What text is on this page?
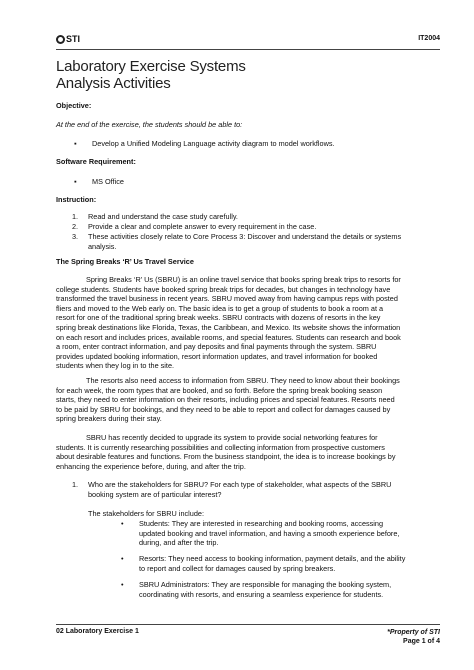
STI	IT2004
Laboratory Exercise Systems
Analysis Activities
Objective:
At the end of the exercise, the students should be able to:
▪	Develop a Unified Modeling Language activity diagram to model workflows.
Software Requirement:
▪	MS Office
Instruction:
1.	Read and understand the case study carefully.
2.	Provide a clear and complete answer to every requirement in the case.
3.	These activities closely relate to Core Process 3: Discover and understand the details or systems
analysis.
The Spring Breaks ‘R’ Us Travel Service
Spring Breaks ‘R’ Us (SBRU) is an online travel service that books spring break trips to resorts for
college students. Students have booked spring break trips for decades, but changes in technology have
transformed the travel business in recent years. SBRU moved away from having campus reps with posted
fliers and moved to the Web early on. The basic idea is to get a group of students to book a room at a
resort for one of the traditional spring break weeks. SBRU contracts with dozens of resorts in the key
spring break destinations like Florida, Texas, the Caribbean, and Mexico. Its website shows the information
on each resort and includes prices, available rooms, and special features. Students can research and book
a room, enter contract information, and pay deposits and final payments through the system. SBRU
provides updated booking information, resort information updates, and travel information for booked
students when they log in to the site.
The resorts also need access to information from SBRU. They need to know about their bookings
for each week, the room types that are booked, and so forth. Before the spring break booking season
starts, they need to enter information on their resorts, including prices and special features. Resorts need
to be paid by SBRU for bookings, and they need to be able to report and collect for damages caused by
spring breakers during their stay.
SBRU has recently decided to upgrade its system to provide social networking features for
students. It is currently researching possibilities and collecting information from prospective customers
about desirable features and functions. From the business standpoint, the idea is to increase bookings by
enhancing the experience before, during, and after the trip.
1.	Who are the stakeholders for SBRU? For each type of stakeholder, what aspects of the SBRU
booking system are of particular interest?
The stakeholders for SBRU include:
•	Students: They are interested in researching and booking rooms, accessing
updated booking and travel information, and having a smooth experience before,
during, and after the trip.
•	Resorts: They need access to booking information, payment details, and the ability
to report and collect for damages caused by spring breakers.
•	SBRU Administrators: They are responsible for managing the booking system,
coordinating with resorts, and ensuring a seamless experience for students.
02 Laboratory Exercise 1	*Property of STI
Page 1 of 4
